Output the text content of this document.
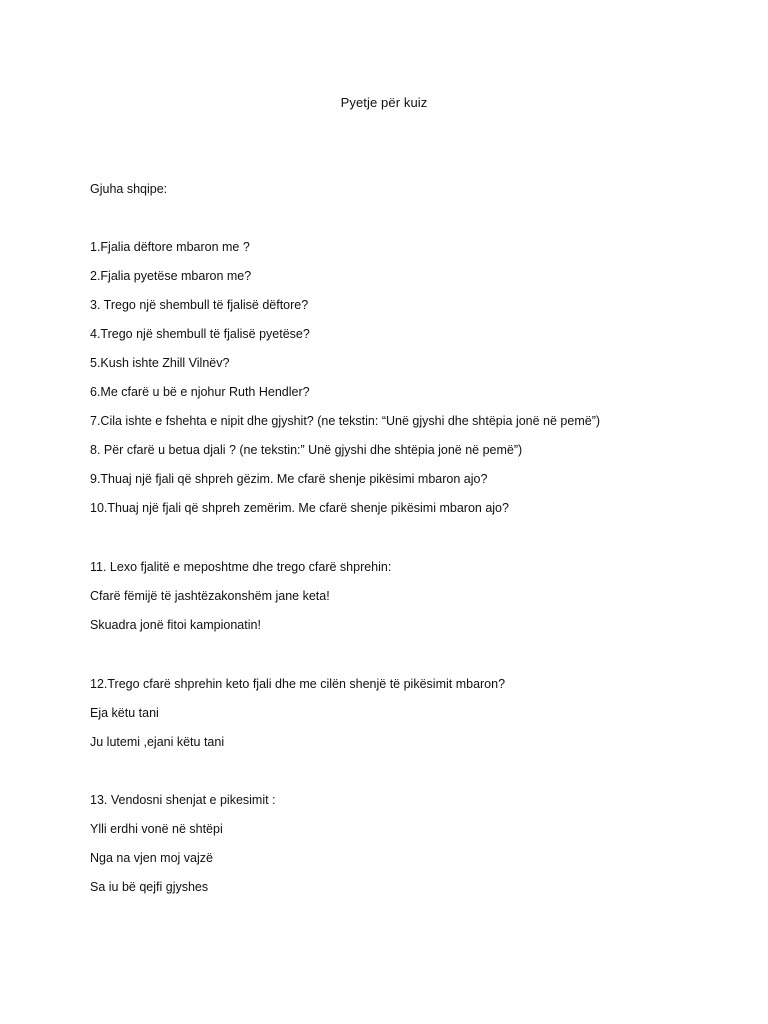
Pyetje për kuiz
Gjuha shqipe:
1.Fjalia dëftore mbaron me ?
2.Fjalia pyetëse mbaron me?
3. Trego një shembull të fjalisë dëftore?
4.Trego një shembull të fjalisë pyetëse?
5.Kush ishte Zhill Vilnëv?
6.Me cfarë u bë e njohur Ruth Hendler?
7.Cila ishte e fshehta e nipit dhe gjyshit? (ne tekstin: “Unë gjyshi dhe shtëpia jonë në pemë”)
8. Për cfarë u betua djali ? (ne tekstin:” Unë gjyshi dhe shtëpia jonë në pemë”)
9.Thuaj një fjali që shpreh gëzim. Me cfarë shenje pikësimi mbaron ajo?
10.Thuaj një fjali që shpreh zemërim. Me cfarë shenje pikësimi mbaron ajo?
11. Lexo fjalitë e meposhtme dhe trego cfarë shprehin:
Cfarë fëmijë të jashtëzakonshëm jane keta!
Skuadra jonë fitoi kampionatin!
12.Trego cfarë shprehin keto fjali dhe me cilën shenjë të pikësimit mbaron?
Eja këtu tani
Ju lutemi ,ejani këtu tani
13. Vendosni shenjat e pikesimit :
Ylli erdhi vonë në shtëpi
Nga na vjen moj vajzë
Sa iu bë qejfi gjyshes
